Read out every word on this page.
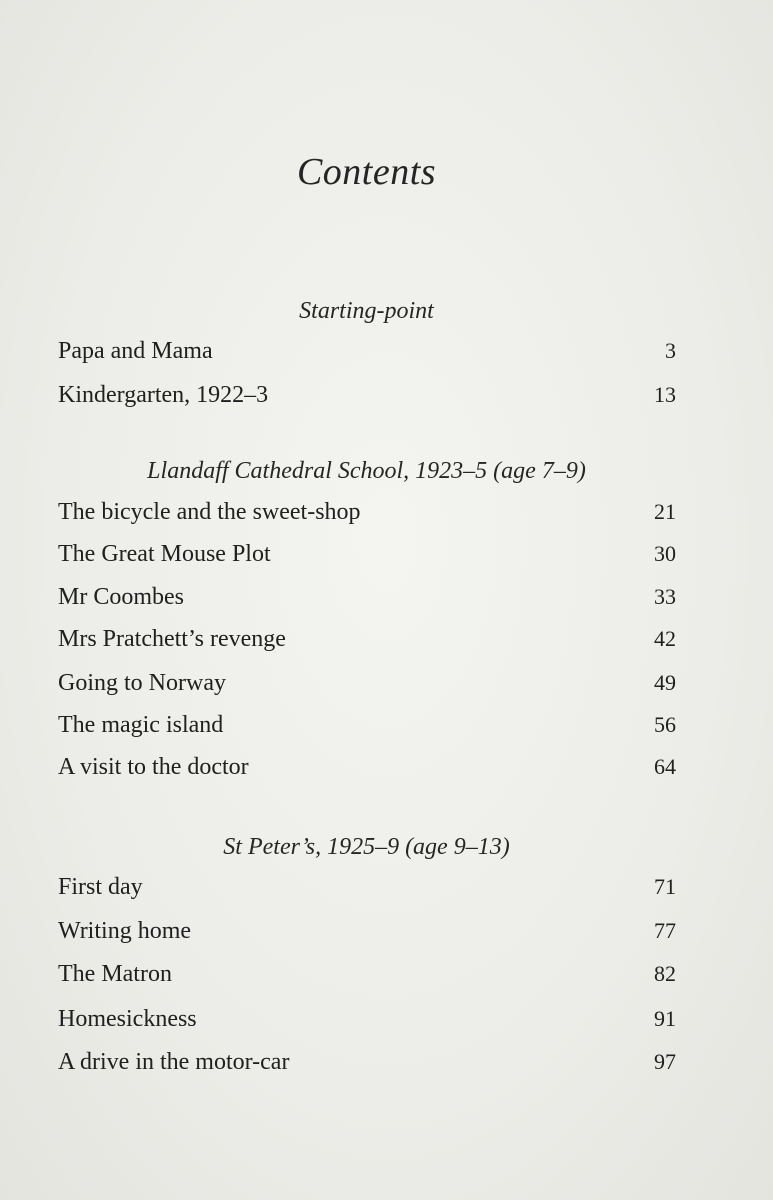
Contents
Starting-point
Papa and Mama	3
Kindergarten, 1922–3	13
Llandaff Cathedral School, 1923–5 (age 7–9)
The bicycle and the sweet-shop	21
The Great Mouse Plot	30
Mr Coombes	33
Mrs Pratchett’s revenge	42
Going to Norway	49
The magic island	56
A visit to the doctor	64
St Peter’s, 1925–9 (age 9–13)
First day	71
Writing home	77
The Matron	82
Homesickness	91
A drive in the motor-car	97
